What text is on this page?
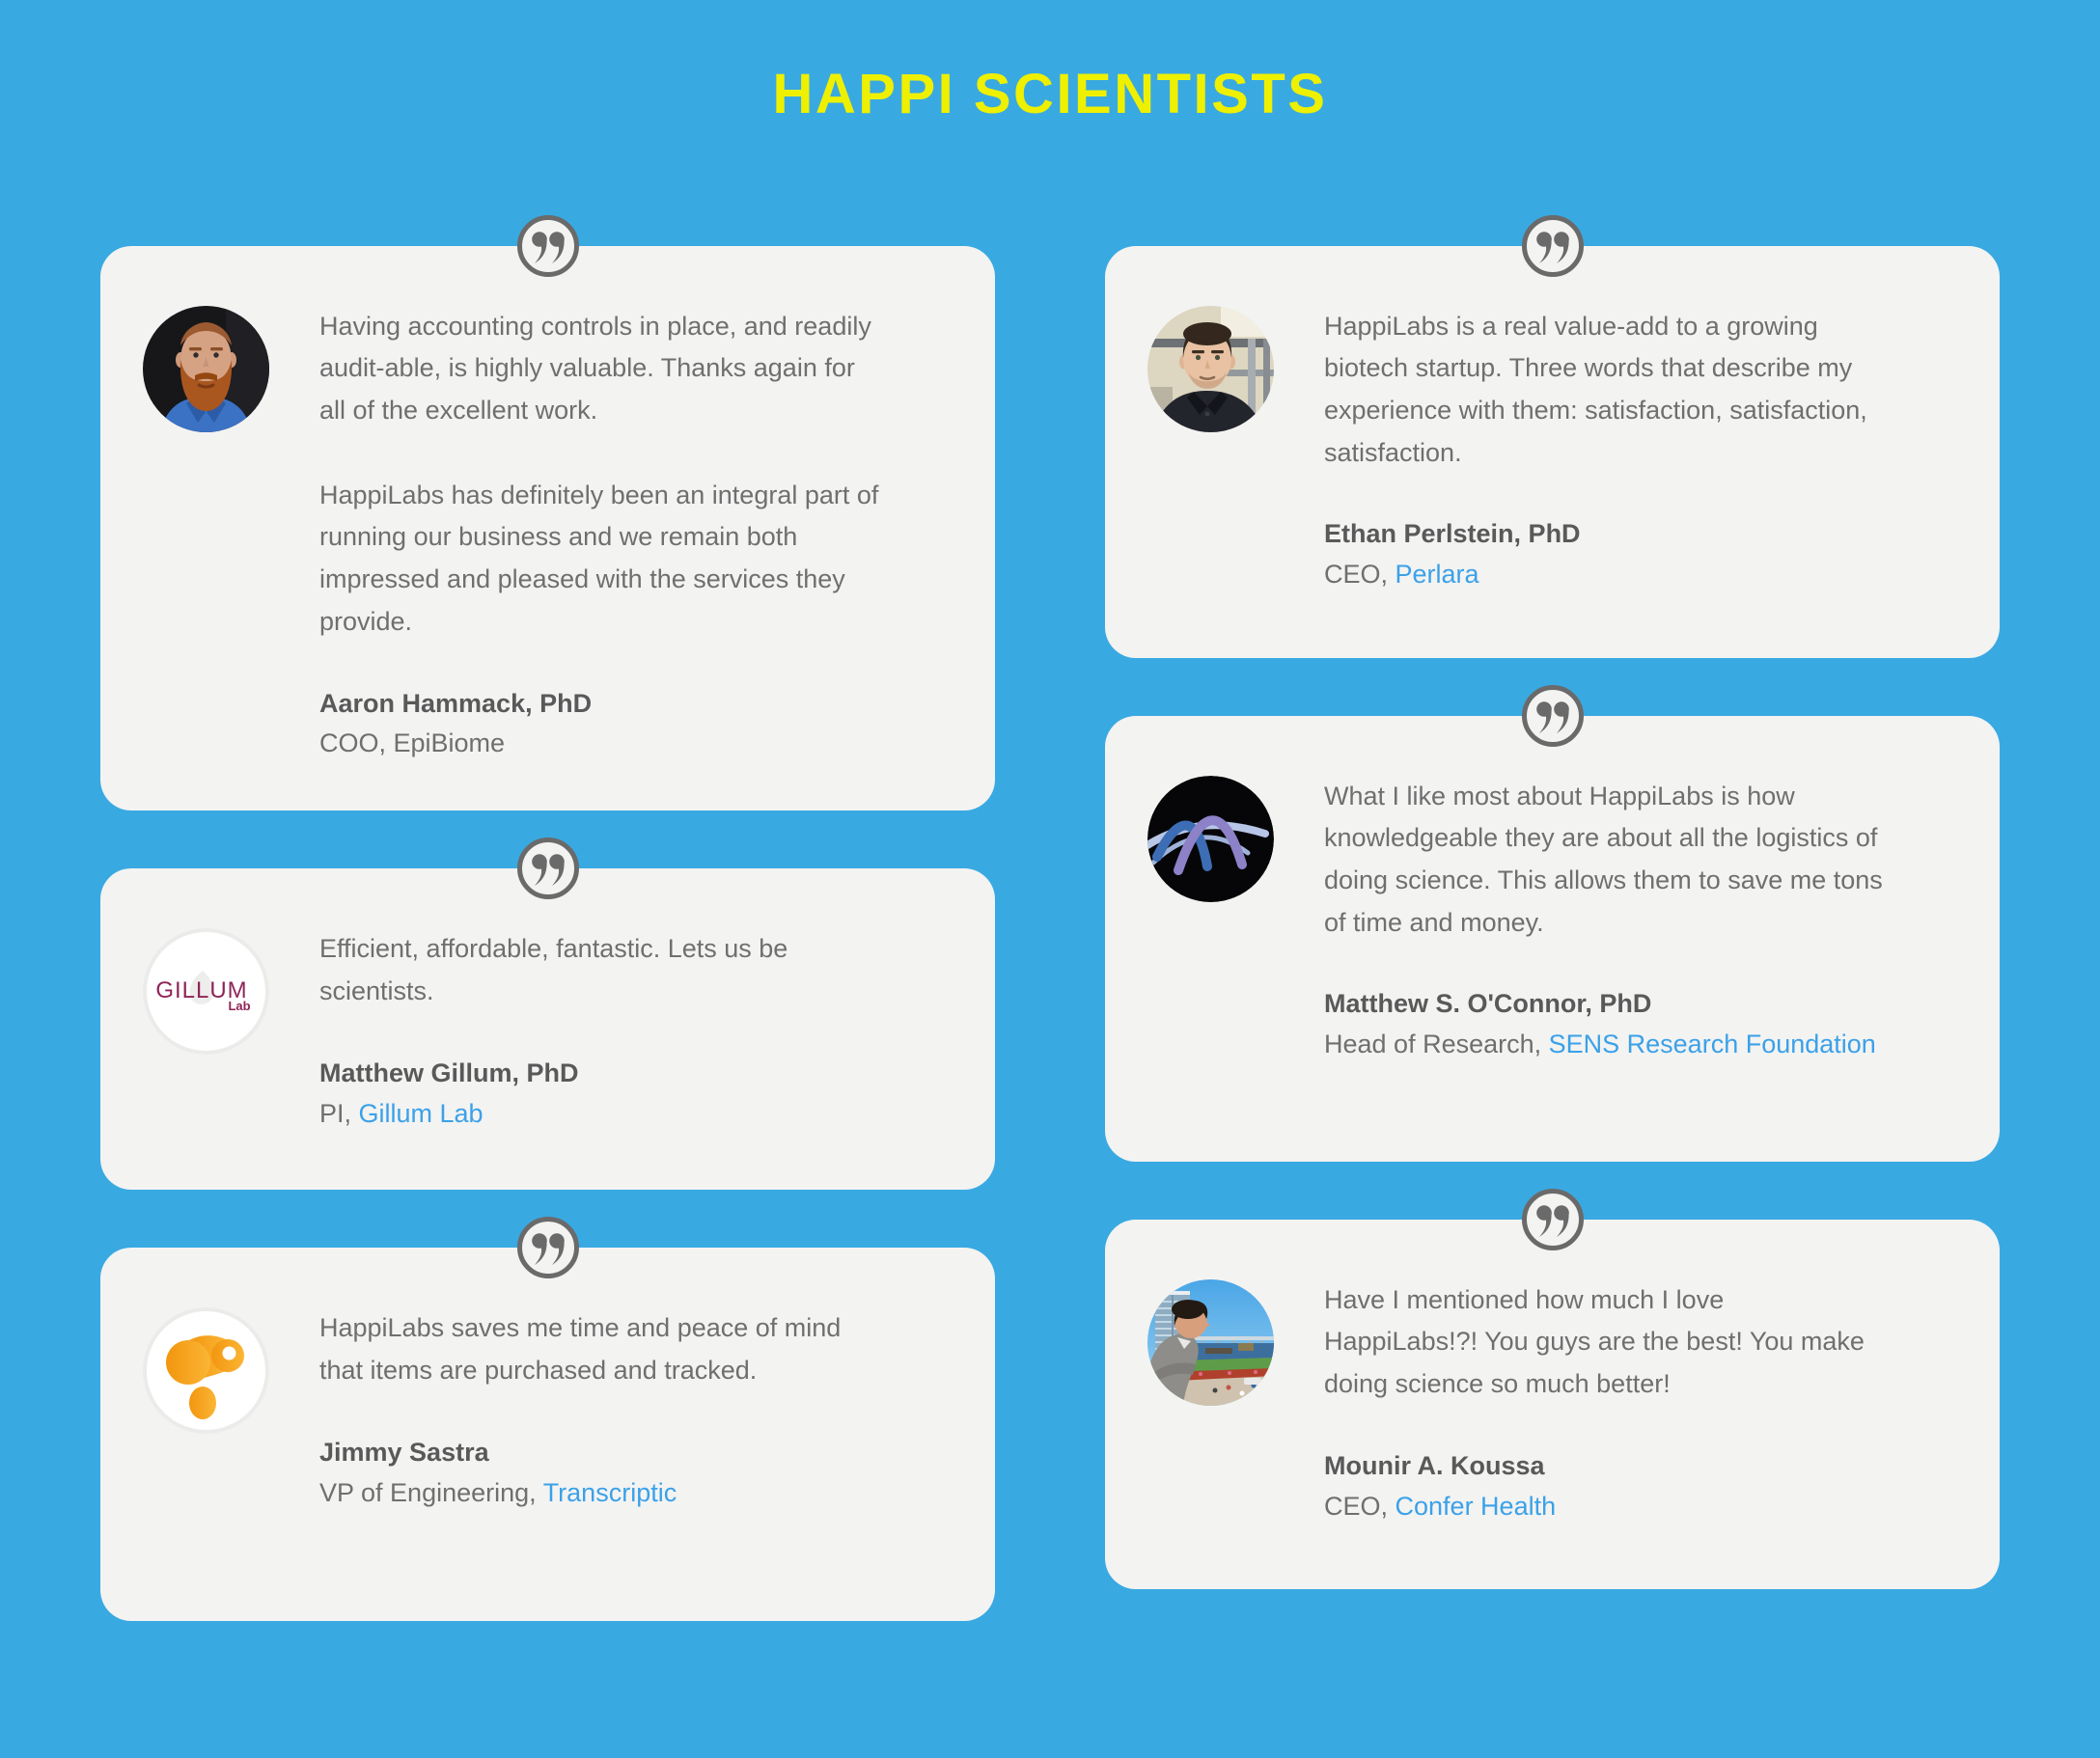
HAPPI SCIENTISTS

Having accounting controls in place, and readily audit-able, is highly valuable. Thanks again for all of the excellent work.

HappiLabs has definitely been an integral part of running our business and we remain both impressed and pleased with the services they provide.

Aaron Hammack, PhD
COO, EpiBiome
GILLUM
Lab

Efficient, affordable, fantastic. Lets us be scientists.

Matthew Gillum, PhD
PI, Gillum Lab

HappiLabs saves me time and peace of mind that items are purchased and tracked.

Jimmy Sastra
VP of Engineering, Transcriptic

HappiLabs is a real value-add to a growing biotech startup. Three words that describe my experience with them: satisfaction, satisfaction, satisfaction.

Ethan Perlstein, PhD
CEO, Perlara

What I like most about HappiLabs is how knowledgeable they are about all the logistics of doing science. This allows them to save me tons of time and money.

Matthew S. O'Connor, PhD
Head of Research, SENS Research Foundation

Have I mentioned how much I love HappiLabs!?! You guys are the best! You make doing science so much better!

Mounir A. Koussa
CEO, Confer Health
